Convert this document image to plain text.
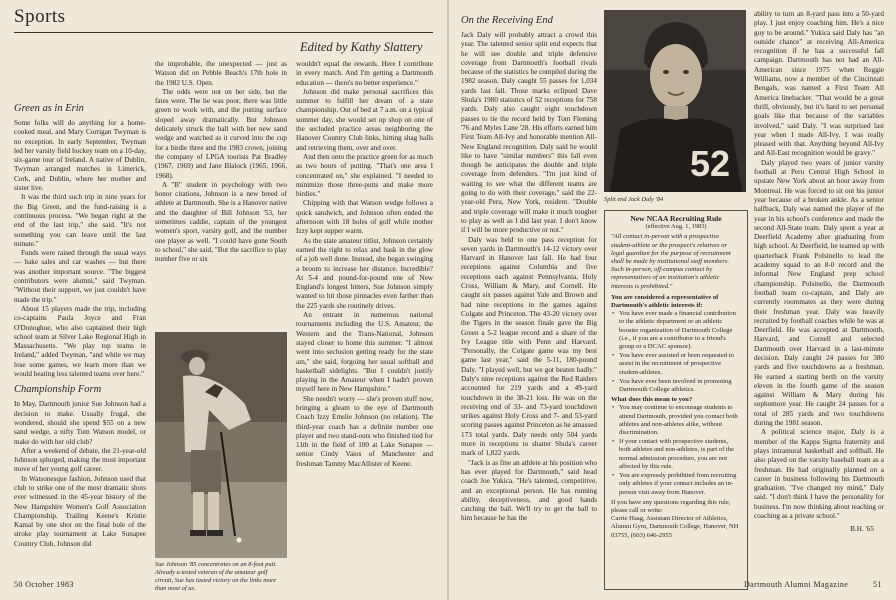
Sports
Edited by Kathy Slattery
Green as in Erin

Some folks will do anything for a home-cooked meal, and Mary Corrigan Twyman is no exception. In early September, Twyman led her varsity field hockey team on a 10-day, six-game tour of Ireland. A native of Dublin, Twyman arranged matches in Limerick, Cork, and Dublin, where her mother and sister live.

It was the third such trip in nine years for the Big Green, and the fund-raising is a continuous process. "We began right at the end of the last trip," she said. "It's not something you can leave until the last minute."

Funds were raised through the usual ways — bake sales and car washes — but there was another important source. "The biggest contributors were alumni," said Twyman. "Without their support, we just couldn't have made the trip."

About 15 players made the trip, including co-captains Paula Joyce and Fran O'Donoghue, who also captained their high school team at Silver Lake Regional High in Massachusetts. "We play top teams in Ireland," added Twyman, "and while we may lose some games, we learn more than we would beating less talented teams over here."

Championship Form

In May, Dartmouth junior Sue Johnson had a decision to make. Usually frugal, she wondered, should she spend $55 on a new sand wedge, a nifty Tom Watson model, or make do with her old club?

After a weekend of debate, the 21-year-old Johnson splurged, making the most important move of her young golf career.

In Watsonesque fashion, Johnson used that club to strike one of the most dramatic shots ever witnessed in the 45-year history of the New Hampshire Women's Golf Association Championship. Trailing Keene's Kristie Kamal by one shot on the final hole of the stroke play tournament at Lake Sunapee Country Club, Johnson did

the improbable, the unexpected — just as Watson did on Pebble Beach's 17th hole in the 1982 U.S. Open.

The odds were not on her side, but the fates were. The lie was poor, there was little green to work with, and the putting surface sloped away dramatically. But Johnson delicately struck the ball with her new sand wedge and watched as it curved into the cup for a birdie three and the 1983 crown, joining the company of LPGA tourists Pat Bradley (1967, 1969) and Jane Blalock (1965, 1966, 1968).

A "B" student in psychology with two honor citations, Johnson is a new breed of athlete at Dartmouth. She is a Hanover native and the daughter of Bill Johnson '53, her sometimes caddie, captain of the youngest women's sport, varsity golf, and the number one player as well. "I could have gone South to school," she said, "But the sacrifice to play number five or six

Sue Johnson '85 concentrates on an 8-foot putt. Already a tested veteran of the amateur golf circuit, Sue has tasted victory on the links more than most of us.

wouldn't equal the rewards. Here I contribute in every match. And I'm getting a Dartmouth education — there's no better experience."

Johnson did make personal sacrifices this summer to fulfill her dream of a state championship. Out of bed at 7 a.m. on a typical summer day, she would set up shop on one of the secluded practice areas neighboring the Hanover Country Club links, hitting shag balls and retrieving them, over and over.

And then onto the practice green for as much as two hours of putting. "That's one area I concentrated on," she explained. "I needed to minimize those three-putts and make more birdies."

Chipping with that Watson wedge follows a quick sandwich, and Johnson often ended the afternoon with 18 holes of golf while mother Izzy kept supper warm.

As the state amateur titlist, Johnson certainly earned the right to relax and bask in the glow of a job well done. Instead, she began swinging a broom to increase her distance. Incredible? At 5-4 and pound-for-pound one of New England's longest hitters, Sue Johnson simply wanted to hit those pinnacles even farther than the 225 yards she routinely drives.

An entrant in numerous national tournaments including the U.S. Amateur, the Western and the Trans-National, Johnson stayed closer to home this summer. "I almost went into seclusion getting ready for the state am," she said, forgoing her usual softball and basketball sidelights. "But I couldn't justify playing in the Amateur when I hadn't proven myself here in New Hampshire."

She needn't worry — she's proven stuff now, bringing a gleam to the eye of Dartmouth Coach Izzy Emslie Johnson (no relation). The third-year coach has a definite number one player and two stand-outs who finished tied for 11th in the field of 100 at Lake Sunapee — senior Cindy Vaios of Manchester and freshman Tammy MacAllister of Keene.

50 October 1983
On the Receiving End

Jack Daly will probably attract a crowd this year. The talented senior split end expects that he will see double and triple defensive coverage from Dartmouth's football rivals because of the statistics he compiled during the 1982 season. Daly caught 55 passes for 1,034 yards last fall. Those marks eclipsed Dave Shula's 1980 statistics of 52 receptions for 758 yards. Daly also caught eight touchdown passes to tie the record held by Tom Fleming '76 and Myles Lane '28. His efforts earned him First Team All-Ivy and honorable mention All-New England recognition. Daly said he would like to have "similar numbers" this fall even though he anticipates the double and triple coverage from defenders. "I'm just kind of waiting to see what the different teams are going to do with their coverage," said the 22-year-old Peru, New York, resident. "Double and triple coverage will make it much tougher to play as well as I did last year. I don't know if I will be more productive or not."

Daly was held to one pass reception for seven yards in Dartmouth's 14-12 victory over Harvard in Hanover last fall. He had four receptions against Columbia and five receptions each against Pennsylvania, Holy Cross, William & Mary, and Cornell. He caught six passes against Yale and Brown and had nine receptions in the games against Colgate and Princeton. The 43-20 victory over the Tigers in the season finale gave the Big Green a 5-2 league record and a share of the Ivy League title with Penn and Harvard. "Personally, the Colgate game was my best game last year," said the 5-11, 180-pound Daly. "I played well, but we got beaten badly." Daly's nine receptions against the Red Raiders accounted for 219 yards and a 49-yard touchdown in the 38-21 loss. He was on the receiving end of 33- and 73-yard touchdown strikes against Holy Cross and 7- and 53-yard scoring passes against Princeton as he amassed 173 total yards. Daly needs only 504 yards more in receptions to shatter Shula's career mark of 1,822 yards.

"Jack is as fine an athlete at his position who has ever played for Dartmouth," said head coach Joe Yukica. "He's talented, competitive, and an exceptional person. He has running ability, deceptiveness, and good hands catching the ball. We'll try to get the ball to him because he has the

52
Split end Jack Daly '84
New NCAA Recruiting Rule
(effective Aug. 1, 1983)
"All contact in-person with a prospective student-athlete or the prospect's relatives or legal guardian for the purpose of recruitment shall be made by institutional staff members. Such in-person, off-campus contact by representatives of an institution's athletic interests is prohibited."
You are considered a representative of Dartmouth's athletic interests if:
• You have ever made a financial contribution to the athletic department or an athletic booster organization of Dartmouth College (i.e., if you are a contributor to a friend's group or a DCAC sponsor).
• You have ever assisted or been requested to assist in the recruitment of prospective student-athletes.
• You have ever been involved in promoting Dartmouth College athletics.
What does this mean to you?
• You may continue to encourage students to attend Dartmouth, provided you contact both athletes and non-athletes alike, without discrimination.
• If your contact with prospective students, both athletes and non-athletes, is part of the normal admission procedure, you are not affected by this rule.
• You are expressly prohibited from recruiting only athletes if your contact includes an in-person visit away from Hanover.
If you have any questions regarding this rule, please call or write:
Carrie Haag, Assistant Director of Athletics, Alumni Gym, Dartmouth College, Hanover, NH 03755, (603) 646-2955

ability to turn an 8-yard pass into a 50-yard play. I just enjoy coaching him. He's a nice guy to be around." Yukica said Daly has "an outside chance" at receiving All-America recognition if he has a successful fall campaign. Dartmouth has not had an All-American since 1975 when Reggie Williams, now a member of the Cincinnati Bengals, was named a First Team All America linebacker. "That would be a great thrill, obviously, but it's hard to set personal goals like that because of the variables involved," said Daly. "I was surprised last year when I made All-Ivy. I was really pleased with that. Anything beyond All-Ivy and All-East recognition would be gravy."

Daly played two years of junior varsity football at Peru Central High School in upstate New York about an hour away from Montreal. He was forced to sit out his junior year because of a broken ankle. As a senior halfback, Daly was named the player of the year in his school's conference and made the second All-State team. Daly spent a year at Deerfield Academy after graduating from high school. At Deerfield, he teamed up with quarterback Frank Polsinello to lead the academy squad to an 8-0 record and the informal New England prep school championship. Polsinello, the Dartmouth football team co-captain, and Daly are currently roommates as they were during their freshman year. Daly was heavily recruited by football coaches while he was at Deerfield. He was accepted at Dartmouth, Harvard, and Cornell and selected Dartmouth over Harvard in a last-minute decision. Daly caught 24 passes for 380 yards and five touchdowns as a freshman. He earned a starting berth on the varsity eleven in the fourth game of the season against William & Mary during his sophomore year. He caught 24 passes for a total of 285 yards and two touchdowns during the 1981 season.

A political science major, Daly is a member of the Kappa Sigma fraternity and plays intramural basketball and softball. He also played on the varsity baseball team as a freshman. He had originally planned on a career in business following his Dartmouth graduation. "I've changed my mind," Daly said. "I don't think I have the personality for business. I'm now thinking about teaching or coaching as a private school."

B.H. '65
Dartmouth Alumni Magazine	51
